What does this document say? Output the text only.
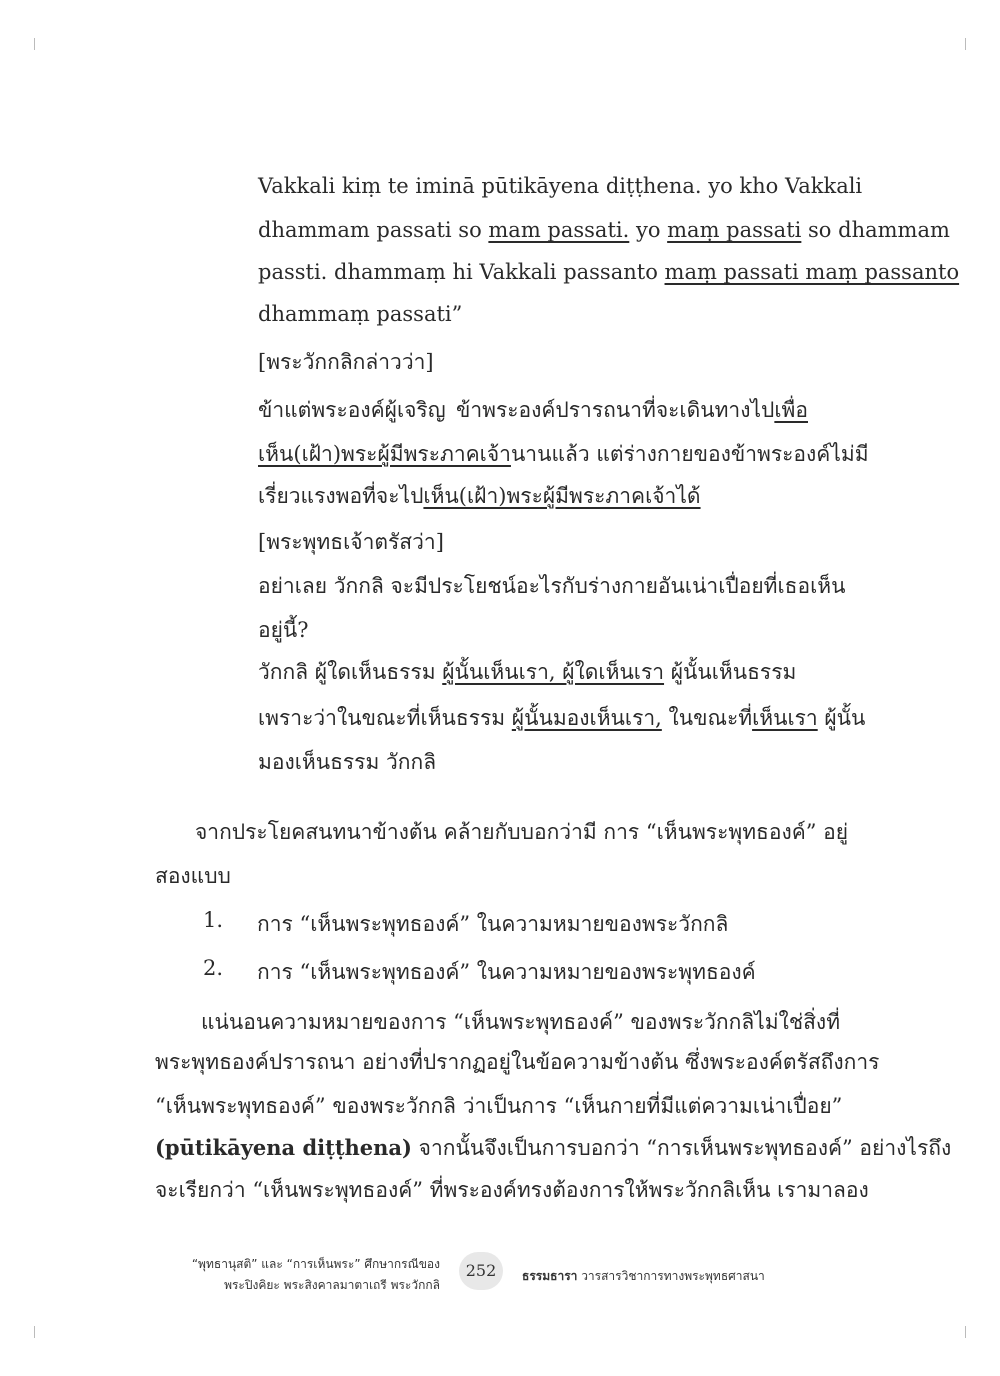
Vakkali kiṃ te iminā pūtikāyena diṭṭhena. yo kho Vakkali
dhammam passati so mam passati. yo maṃ passati so dhammam
passti. dhammaṃ hi Vakkali passanto maṃ passati maṃ passanto
dhammaṃ passati”
[พระวักกลิกล่าวว่า]
ข้าแต่พระองค์ผู้เจริญ ข้าพระองค์ปรารถนาที่จะเดินทางไปเพื่อ
เห็น(เฝ้า)พระผู้มีพระภาคเจ้านานแล้ว แต่ร่างกายของข้าพระองค์ไม่มี
เรี่ยวแรงพอที่จะไปเห็น(เฝ้า)พระผู้มีพระภาคเจ้าได้
[พระพุทธเจ้าตรัสว่า]
อย่าเลย วักกลิ จะมีประโยชน์อะไรกับร่างกายอันเน่าเปื่อยที่เธอเห็น
อยู่นี้?
วักกลิ ผู้ใดเห็นธรรม ผู้นั้นเห็นเรา, ผู้ใดเห็นเรา ผู้นั้นเห็นธรรม
เพราะว่าในขณะที่เห็นธรรม ผู้นั้นมองเห็นเรา, ในขณะที่เห็นเรา ผู้นั้น
มองเห็นธรรม วักกลิ
จากประโยคสนทนาข้างต้น คล้ายกับบอกว่ามี การ “เห็นพระพุทธองค์” อยู่
สองแบบ
1. การ “เห็นพระพุทธองค์” ในความหมายของพระวักกลิ
2. การ “เห็นพระพุทธองค์” ในความหมายของพระพุทธองค์
แน่นอนความหมายของการ “เห็นพระพุทธองค์” ของพระวักกลิไม่ใช่สิ่งที่
พระพุทธองค์ปรารถนา อย่างที่ปรากฏอยู่ในข้อความข้างต้น ซึ่งพระองค์ตรัสถึงการ
“เห็นพระพุทธองค์” ของพระวักกลิ ว่าเป็นการ “เห็นกายที่มีแต่ความเน่าเปื่อย”
(pūtikāyena diṭṭhena) จากนั้นจึงเป็นการบอกว่า “การเห็นพระพุทธองค์” อย่างไรถึง
จะเรียกว่า “เห็นพระพุทธองค์” ที่พระองค์ทรงต้องการให้พระวักกลิเห็น เรามาลอง
“พุทธานุสติ” และ “การเห็นพระ” ศึกษากรณีของ
พระปิงคิยะ พระสิงคาลมาตาเถรี พระวักกลิ
252	ธรรมธารา วารสารวิชาการทางพระพุทธศาสนา
